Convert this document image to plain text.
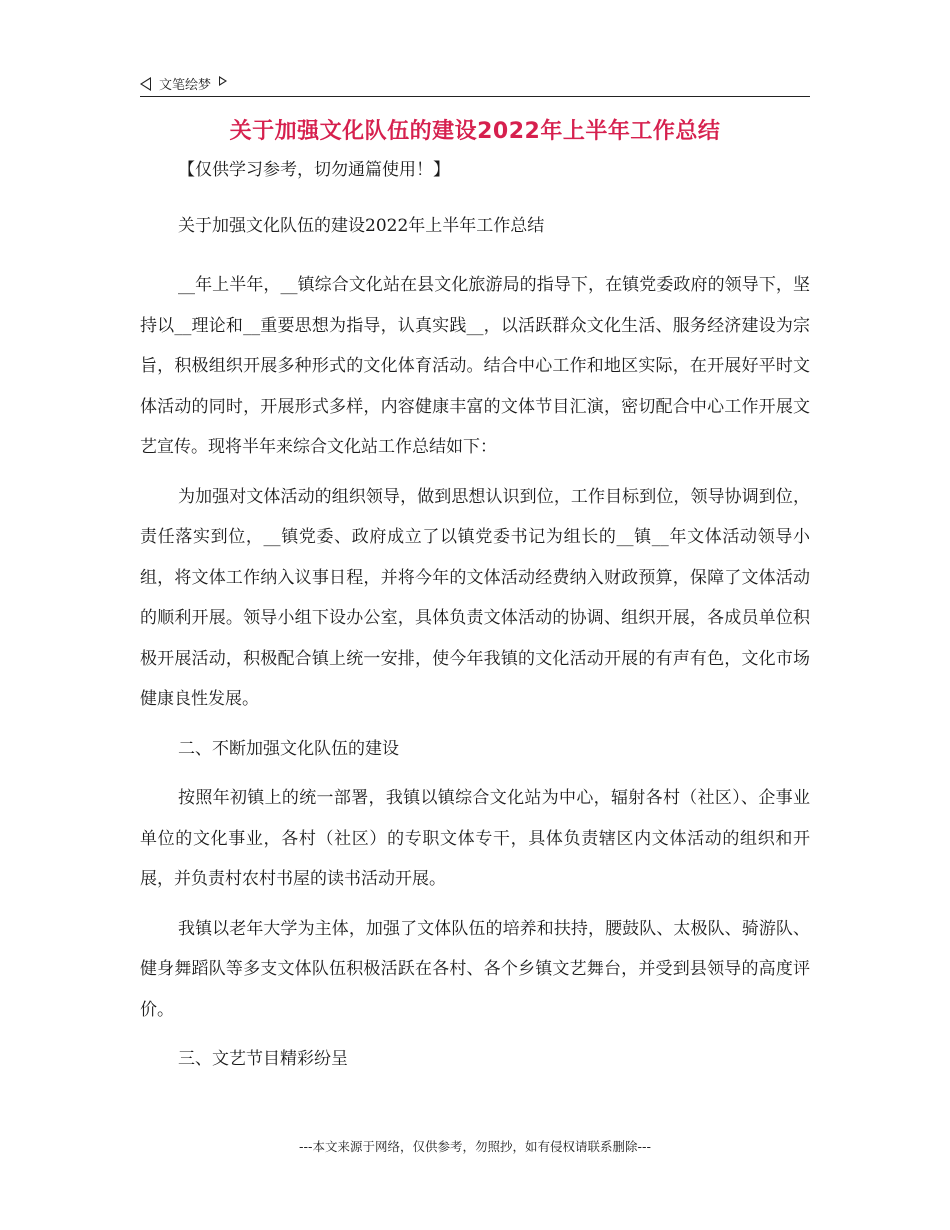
文笔绘梦
关于加强文化队伍的建设2022年上半年工作总结
【仅供学习参考，切勿通篇使用！】
关于加强文化队伍的建设2022年上半年工作总结

__年上半年，__镇综合文化站在县文化旅游局的指导下，在镇党委政府的领导下，坚持以__理论和__重要思想为指导，认真实践__，以活跃群众文化生活、服务经济建设为宗旨，积极组织开展多种形式的文化体育活动。结合中心工作和地区实际，在开展好平时文体活动的同时，开展形式多样，内容健康丰富的文体节目汇演，密切配合中心工作开展文艺宣传。现将半年来综合文化站工作总结如下：

为加强对文体活动的组织领导，做到思想认识到位，工作目标到位，领导协调到位，责任落实到位，__镇党委、政府成立了以镇党委书记为组长的__镇__年文体活动领导小组，将文体工作纳入议事日程，并将今年的文体活动经费纳入财政预算，保障了文体活动的顺利开展。领导小组下设办公室，具体负责文体活动的协调、组织开展，各成员单位积极开展活动，积极配合镇上统一安排，使今年我镇的文化活动开展的有声有色，文化市场健康良性发展。

二、不断加强文化队伍的建设

按照年初镇上的统一部署，我镇以镇综合文化站为中心，辐射各村（社区）、企事业单位的文化事业，各村（社区）的专职文体专干，具体负责辖区内文体活动的组织和开展，并负责村农村书屋的读书活动开展。

我镇以老年大学为主体，加强了文体队伍的培养和扶持，腰鼓队、太极队、骑游队、健身舞蹈队等多支文体队伍积极活跃在各村、各个乡镇文艺舞台，并受到县领导的高度评价。

三、文艺节目精彩纷呈

---本文来源于网络，仅供参考，勿照抄，如有侵权请联系删除---
